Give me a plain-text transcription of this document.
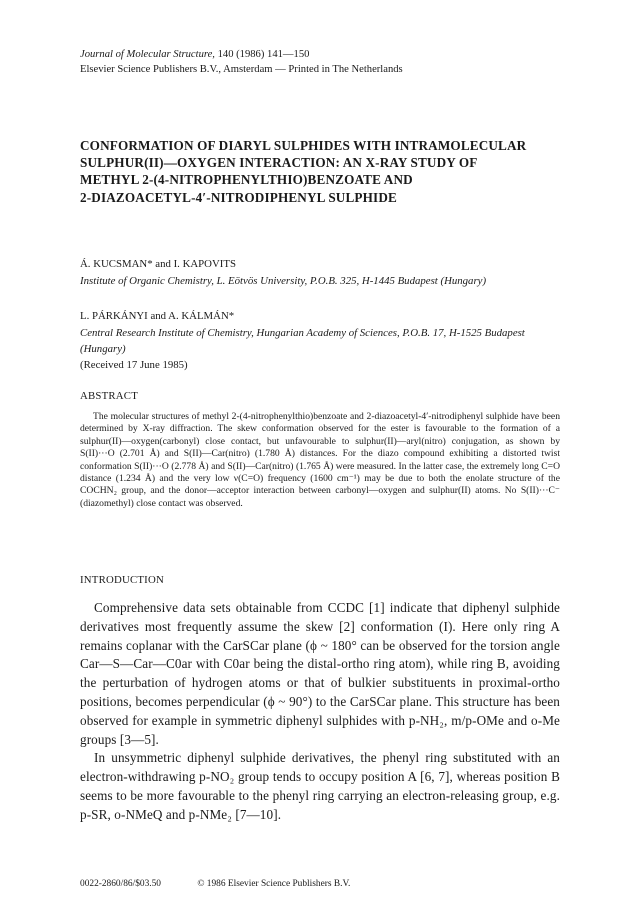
Journal of Molecular Structure, 140 (1986) 141—150
Elsevier Science Publishers B.V., Amsterdam — Printed in The Netherlands
CONFORMATION OF DIARYL SULPHIDES WITH INTRAMOLECULAR
SULPHUR(II)—OXYGEN INTERACTION: AN X-RAY STUDY OF
METHYL 2-(4-NITROPHENYLTHIO)BENZOATE AND
2-DIAZOACETYL-4′-NITRODIPHENYL SULPHIDE
Á. KUCSMAN* and I. KAPOVITS
Institute of Organic Chemistry, L. Eötvös University, P.O.B. 325, H-1445 Budapest (Hungary)
L. PÁRKÁNYI and A. KÁLMÁN*
Central Research Institute of Chemistry, Hungarian Academy of Sciences, P.O.B. 17, H-1525 Budapest (Hungary)
(Received 17 June 1985)
ABSTRACT

The molecular structures of methyl 2-(4-nitrophenylthio)benzoate and 2-diazoacetyl-4′-nitrodiphenyl sulphide have been determined by X-ray diffraction. The skew conformation observed for the ester is favourable to the formation of a sulphur(II)—oxygen(carbonyl) close contact, but unfavourable to sulphur(II)—aryl(nitro) conjugation, as shown by S(II)···O (2.701 Å) and S(II)—Car(nitro) (1.780 Å) distances. For the diazo compound exhibiting a distorted twist conformation S(II)···O (2.778 Å) and S(II)—Car(nitro) (1.765 Å) were measured. In the latter case, the extremely long C=O distance (1.234 Å) and the very low ν(C=O) frequency (1600 cm⁻¹) may be due to both the enolate structure of the COCHN₂ group, and the donor—acceptor interaction between carbonyl—oxygen and sulphur(II) atoms. No S(II)···C⁻ (diazomethyl) close contact was observed.

INTRODUCTION

Comprehensive data sets obtainable from CCDC [1] indicate that diphenyl sulphide derivatives most frequently assume the skew [2] conformation (I). Here only ring A remains coplanar with the CarSCar plane (ϕ ~ 180° can be observed for the torsion angle Car—S—Car—C0ar with C0ar being the distal-ortho ring atom), while ring B, avoiding the perturbation of hydrogen atoms or that of bulkier substituents in proximal-ortho positions, becomes perpendicular (ϕ ~ 90°) to the CarSCar plane. This structure has been observed for example in symmetric diphenyl sulphides with p-NH₂, m/p-OMe and o-Me groups [3—5].

In unsymmetric diphenyl sulphide derivatives, the phenyl ring substituted with an electron-withdrawing p-NO₂ group tends to occupy position A [6, 7], whereas position B seems to be more favourable to the phenyl ring carrying an electron-releasing group, e.g. p-SR, o-NMeQ and p-NMe₂ [7—10].

0022-2860/86/$03.50	© 1986 Elsevier Science Publishers B.V.
